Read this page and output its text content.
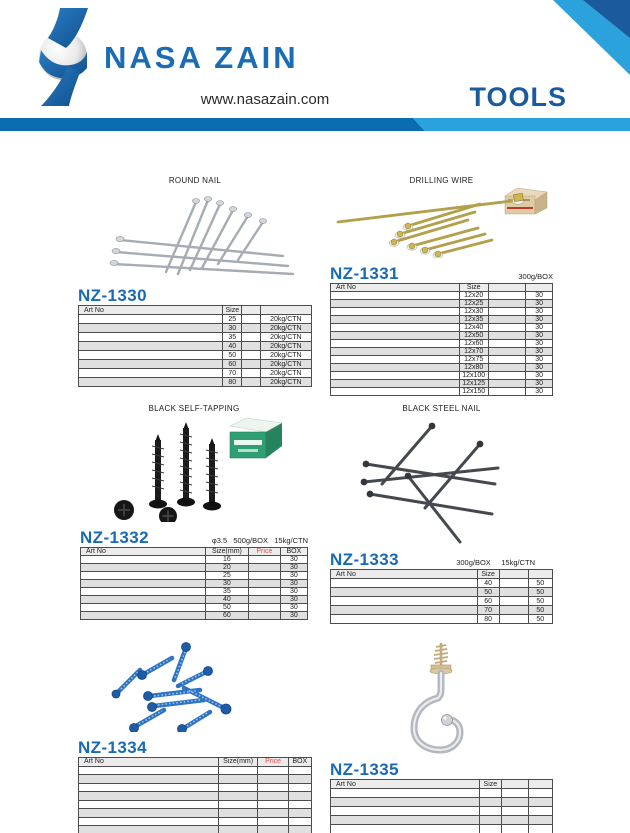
NASA ZAIN
www.nasazain.com	TOOLS
ROUND NAIL
NZ-1330
Art No	Size		
	25		20kg/CTN
	30		20kg/CTN
	35		20kg/CTN
	40		20kg/CTN
	50		20kg/CTN
	60		20kg/CTN
	70		20kg/CTN
	80		20kg/CTN
DRILLING WIRE
NZ-1331	300g/BOX
Art No	Size		
	12x20		30
	12x25		30
	12x30		30
	12x35		30
	12x40		30
	12x50		30
	12x60		30
	12x70		30
	12x75		30
	12x80		30
	12x100		30
	12x125		30
	12x150		30
BLACK SELF-TAPPING
NZ-1332	φ3.5   500g/BOX   15kg/CTN
Art No	Size(mm)	Price	BOX
	16		30
	20		30
	25		30
	30		30
	35		30
	40		30
	50		30
	60		30
BLACK STEEL NAIL
NZ-1333	300g/BOX     15kg/CTN
Art No	Size		
	40		50
	50		50
	60		50
	70		50
	80		50
NZ-1334
Art No	Size(mm)	Price	BOX

			NZ-1335
Art No	Size		
